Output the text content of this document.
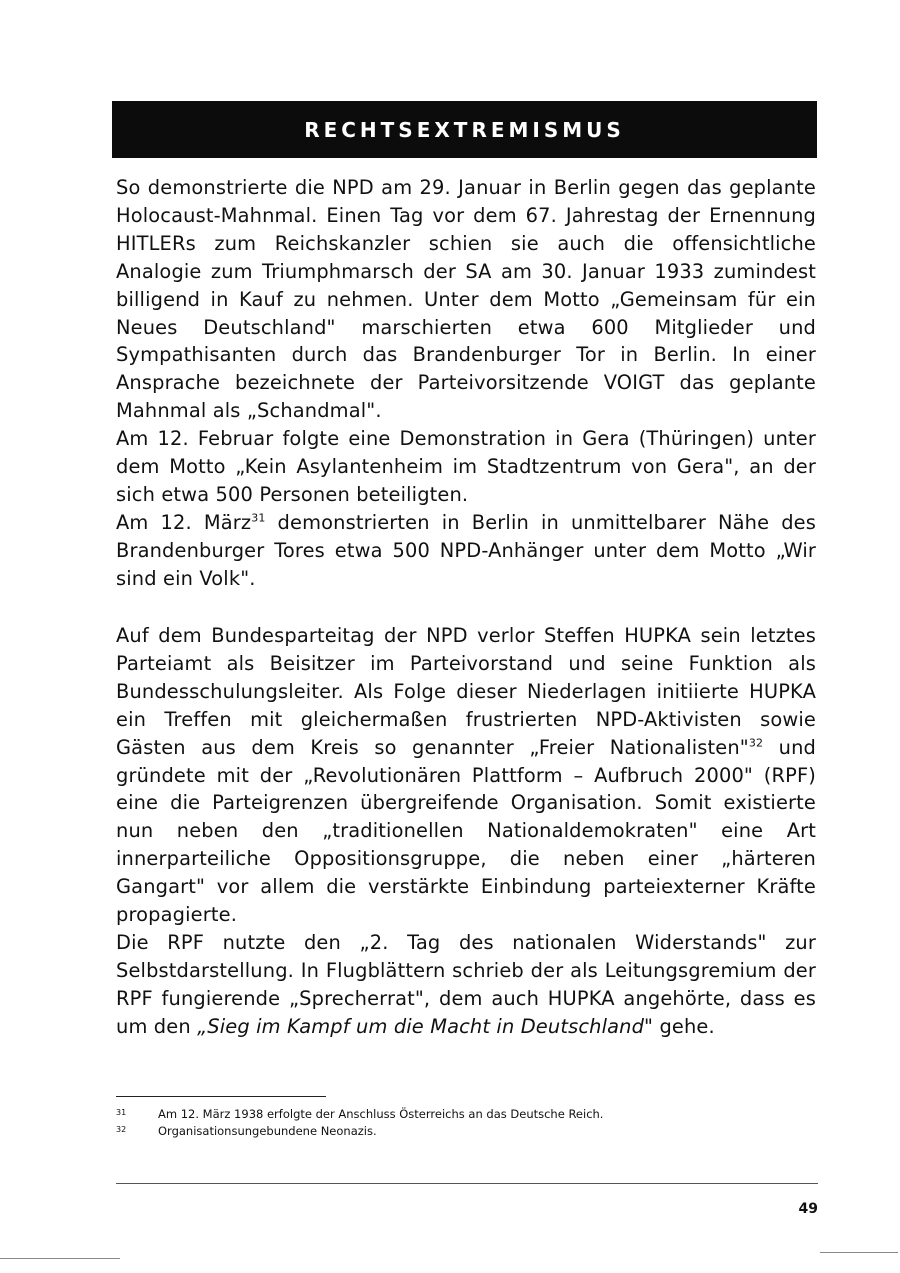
RECHTSEXTREMISMUS

So demonstrierte die NPD am 29. Januar in Berlin gegen das geplante Holocaust-Mahnmal. Einen Tag vor dem 67. Jahrestag der Ernennung HITLERs zum Reichskanzler schien sie auch die offensichtliche Analogie zum Triumphmarsch der SA am 30. Januar 1933 zumindest billigend in Kauf zu nehmen. Unter dem Motto „Gemeinsam für ein Neues Deutschland" marschierten etwa 600 Mitglieder und Sympathisanten durch das Brandenburger Tor in Berlin. In einer Ansprache bezeichnete der Parteivorsitzende VOIGT das geplante Mahnmal als „Schandmal".

Am 12. Februar folgte eine Demonstration in Gera (Thüringen) unter dem Motto „Kein Asylantenheim im Stadtzentrum von Gera", an der sich etwa 500 Personen beteiligten.

Am 12. März$^{31}$ demonstrierten in Berlin in unmittelbarer Nähe des Brandenburger Tores etwa 500 NPD-Anhänger unter dem Motto „Wir sind ein Volk".

Auf dem Bundesparteitag der NPD verlor Steffen HUPKA sein letztes Parteiamt als Beisitzer im Parteivorstand und seine Funktion als Bundesschulungsleiter. Als Folge dieser Niederlagen initiierte HUPKA ein Treffen mit gleichermaßen frustrierten NPD-Aktivisten sowie Gästen aus dem Kreis so genannter „Freier Nationalisten"$^{32}$ und gründete mit der „Revolutionären Plattform – Aufbruch 2000" (RPF) eine die Parteigrenzen übergreifende Organisation. Somit existierte nun neben den „traditionellen Nationaldemokraten" eine Art innerparteiliche Oppositionsgruppe, die neben einer „härteren Gangart" vor allem die verstärkte Einbindung parteiexterner Kräfte propagierte.

Die RPF nutzte den „2. Tag des nationalen Widerstands" zur Selbstdarstellung. In Flugblättern schrieb der als Leitungsgremium der RPF fungierende „Sprecherrat", dem auch HUPKA angehörte, dass es um den „Sieg im Kampf um die Macht in Deutschland" gehe.

31	Am 12. März 1938 erfolgte der Anschluss Österreichs an das Deutsche Reich.
32	Organisationsungebundene Neonazis.
49
